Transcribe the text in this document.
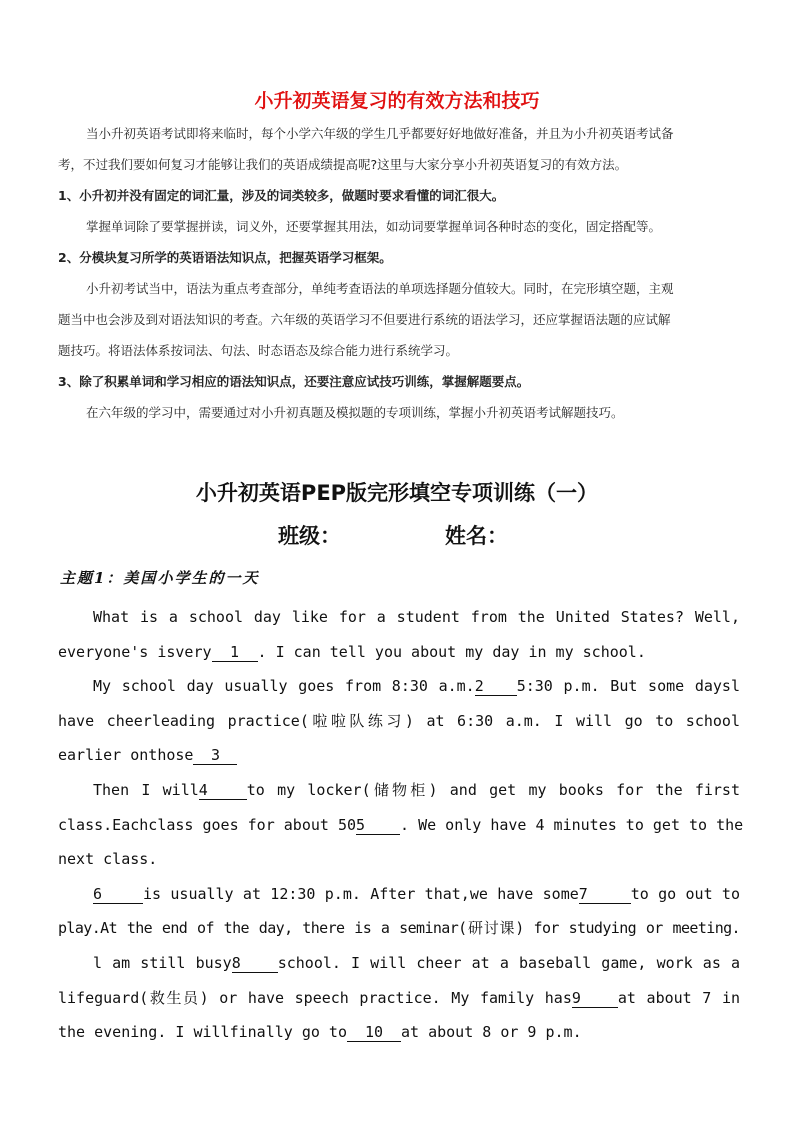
小升初英语复习的有效方法和技巧

当小升初英语考试即将来临时，每个小学六年级的学生几乎都要好好地做好准备，并且为小升初英语考试备

考，不过我们要如何复习才能够让我们的英语成绩提高呢?这里与大家分享小升初英语复习的有效方法。

1、小升初并没有固定的词汇量，涉及的词类较多，做题时要求看懂的词汇很大。

掌握单词除了要掌握拼读，词义外，还要掌握其用法，如动词要掌握单词各种时态的变化，固定搭配等。

2、分模块复习所学的英语语法知识点，把握英语学习框架。

小升初考试当中，语法为重点考查部分，单纯考查语法的单项选择题分值较大。同时，在完形填空题，主观

题当中也会涉及到对语法知识的考查。六年级的英语学习不但要进行系统的语法学习，还应掌握语法题的应试解

题技巧。将语法体系按词法、句法、时态语态及综合能力进行系统学习。

3、除了积累单词和学习相应的语法知识点，还要注意应试技巧训练，掌握解题要点。

在六年级的学习中，需要通过对小升初真题及模拟题的专项训练，掌握小升初英语考试解题技巧。

小升初英语PEP版完形填空专项训练（一）
班级：	姓名：
主题1：美国小学生的一天
What is a school day like for a student from the United States? Well,
everyone's isvery 1 . I can tell you about my day in my school.
My school day usually goes from 8:30 a.m.2 5:30 p.m. But some daysl
have cheerleading practice(啦啦队练习) at 6:30 a.m. I will go to school
earlier onthose 3
Then I will4	to my locker(储物柜) and get my books for the first
class.Eachclass goes for about 505 . We only have 4 minutes to get to the
next class.
6	is usually at 12:30 p.m. After that,we have some7	to go out to
play.At the end of the day, there is a seminar(研讨课) for studying or meeting.
l am still busy8 school. I will cheer at a baseball game, work as a
lifeguard(救生员) or have speech practice. My family has9 at about 7 in
the evening. I willfinally go to 10 at about 8 or 9 p.m.
